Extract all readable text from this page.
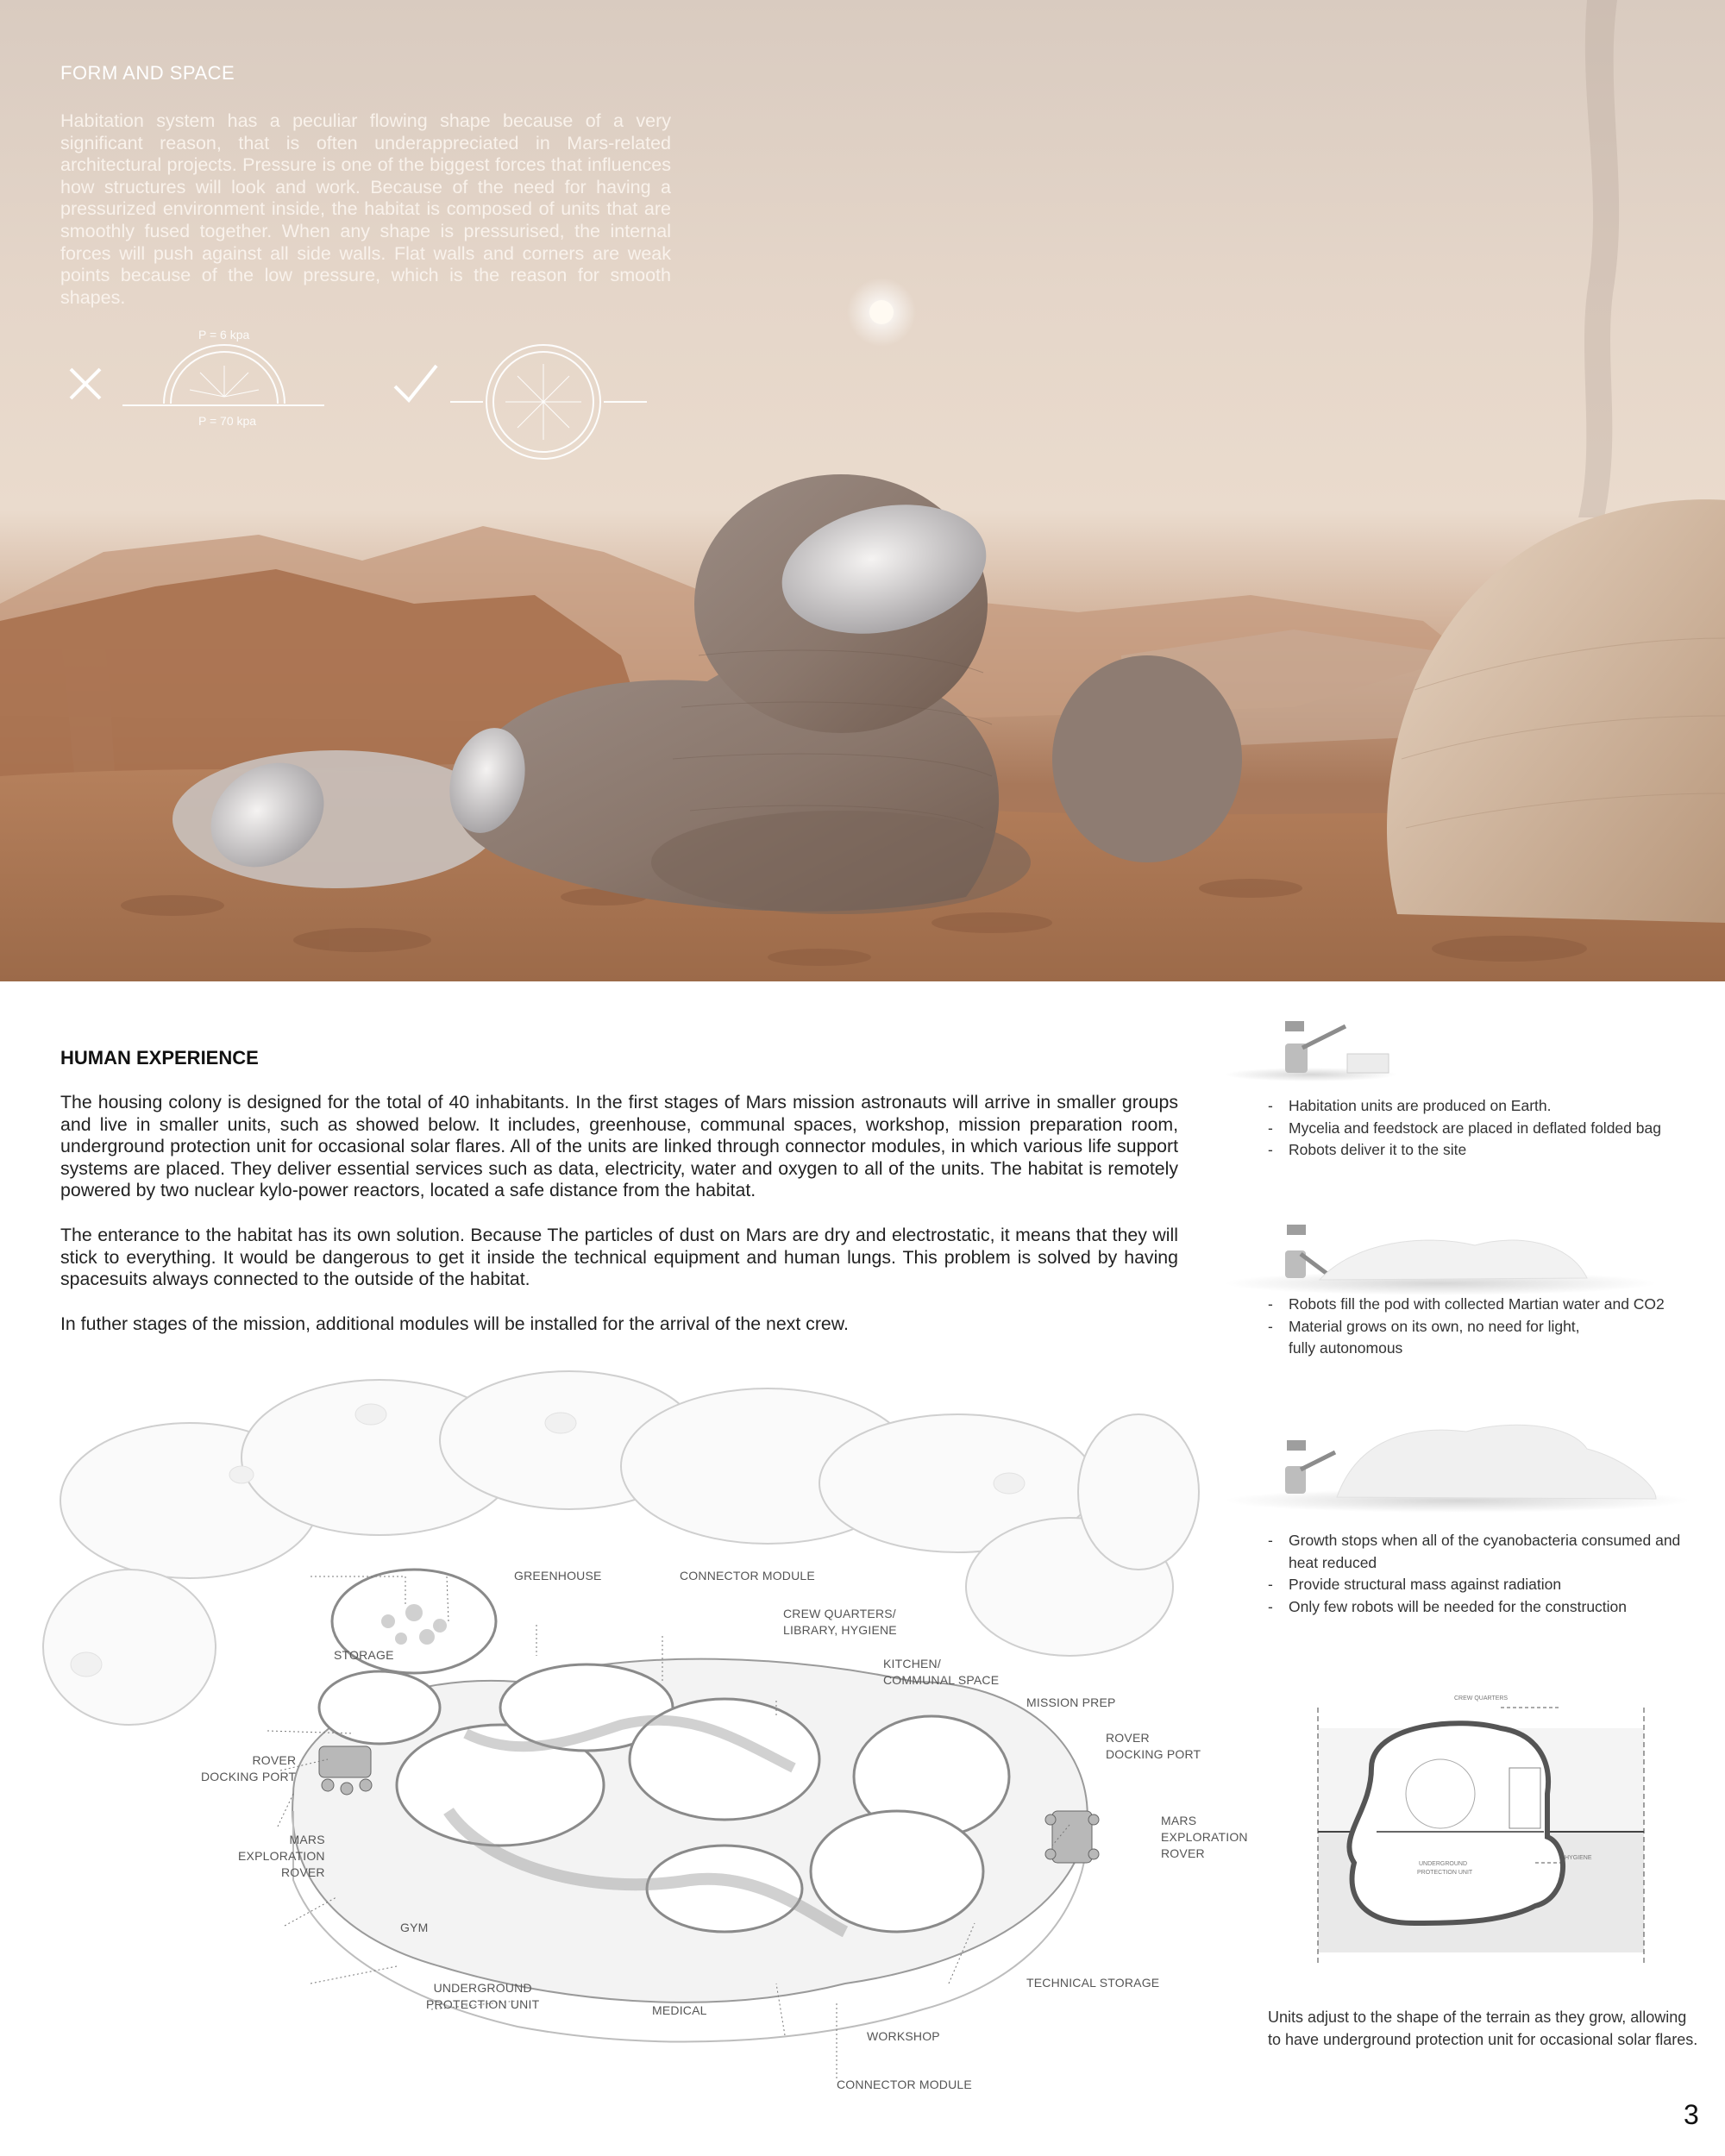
FORM AND SPACE
Habitation system has a peculiar flowing shape because of a very significant reason, that is often underappreciated in Mars-related architectural projects. Pressure is one of the biggest forces that influences how structures will look and work. Because of the need for having a pressurized environment inside, the habitat is composed of units that are smoothly fused together. When any shape is pressurised, the internal forces will push against all side walls. Flat walls and corners are weak points because of the low pressure, which is the reason for smooth shapes.
P = 6 kpa
P = 70 kpa
HUMAN EXPERIENCE

The housing colony is designed for the total of 40 inhabitants. In the first stages of Mars mission astronauts will arrive in smaller groups and live in smaller units, such as showed below. It includes, greenhouse, communal spaces, workshop, mission preparation room, underground protection unit for occasional solar flares. All of the units are linked through connector modules, in which various life support systems are placed. They deliver essential services such as data, electricity, water and oxygen to all of the units. The habitat is remotely powered by two nuclear kylo-power reactors, located a safe distance from the habitat.

The enterance to the habitat has its own solution. Because The particles of dust on Mars are dry and electrostatic, it means that they will stick to everything. It would be dangerous to get it inside the technical equipment and human lungs. This problem is solved by having spacesuits always connected to the outside of the habitat.

In futher stages of the mission, additional modules will be installed for the arrival of the next crew.

CREW QUARTERS
UNDERGROUND
PROTECTION UNIT
HYGIENE
- Habitation units are produced on Earth.
- Mycelia and feedstock are placed in deflated folded bag
- Robots deliver it to the site
- Robots fill the pod with collected Martian water and CO2
- Material grows on its own, no need for light,
fully autonomous
- Growth stops when all of the cyanobacteria consumed and
heat reduced
- Provide structural mass against radiation
- Only few robots will be needed for the construction
Units adjust to the shape of the terrain as they grow, allowing to have underground protection unit for occasional solar flares.
GREENHOUSE	CONNECTOR MODULE
CREW QUARTERS/
LIBRARY, HYGIENE
KITCHEN/
COMMUNAL SPACE
MISSION PREP
STORAGE
ROVER
DOCKING PORT
MARS
EXPLORATION
ROVER
ROVER
DOCKING PORT
MARS
EXPLORATION
ROVER
GYM
UNDERGROUND
PROTECTION UNIT	MEDICAL
WORKSHOP
CONNECTOR MODULE
TECHNICAL STORAGE
3
